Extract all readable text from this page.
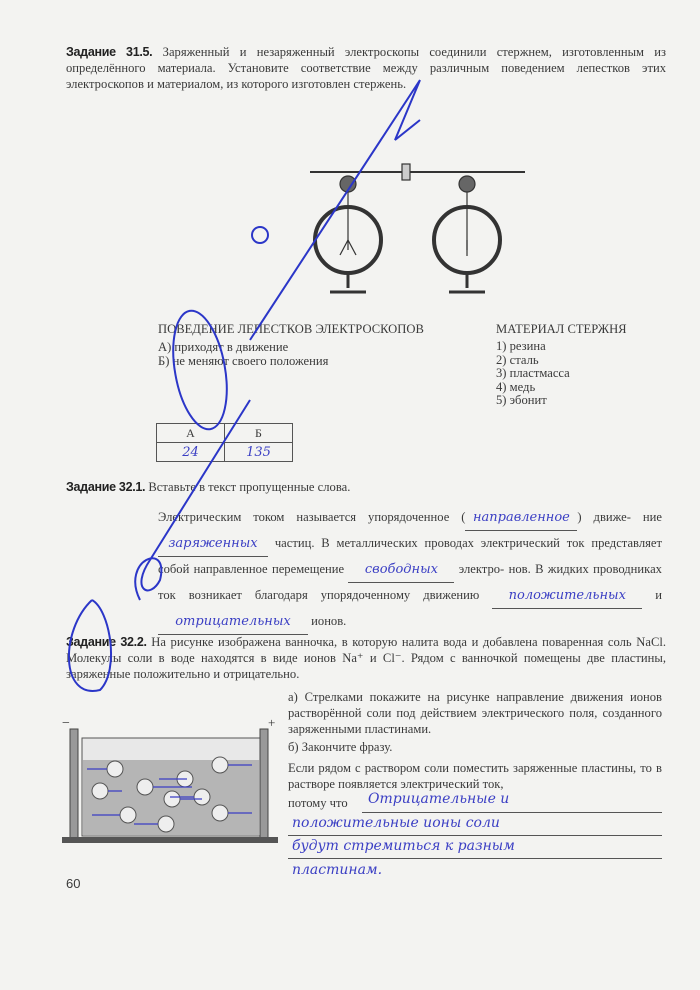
Задание 31.5. Заряженный и незаряженный электроскопы соединили стержнем, изготовленным из определённого материала. Установите соответствие между различным поведением лепестков этих электроскопов и материалом, из которого изготовлен стержень.
ПОВЕДЕНИЕ ЛЕПЕСТКОВ ЭЛЕКТРОСКОПОВ
А) приходят в движение
Б) не меняют своего положения
МАТЕРИАЛ СТЕРЖНЯ
1) резина
2) сталь
3) пластмасса
4) медь
5) эбонит
А	Б
24	135
Задание 32.1. Вставьте в текст пропущенные слова.
Электрическим током называется упорядоченное ( направленное ) движе- ние заряженных частиц. В металлических проводах электрический ток представляет собой направленное перемещение свободных электро- нов. В жидких проводниках ток возникает благодаря упорядоченному движению положительных и отрицательных ионов.
Задание 32.2. На рисунке изображена ванночка, в которую налита вода и добавлена поваренная соль NaCl. Молекулы соли в воде находятся в виде ионов Na⁺ и Cl⁻. Рядом с ванночкой помещены две пластины, заряженные положительно и отрицательно.
а) Стрелками покажите на рисунке направление движения ионов растворённой соли под действием электрического поля, созданного заряженными пластинами.
б) Закончите фразу.
Если рядом с раствором соли поместить заряженные пластины, то в растворе появляется электрический ток,
потому что Отрицательные и
положительные ионы соли
будут стремиться к разным
пластинам.
−	+
60
